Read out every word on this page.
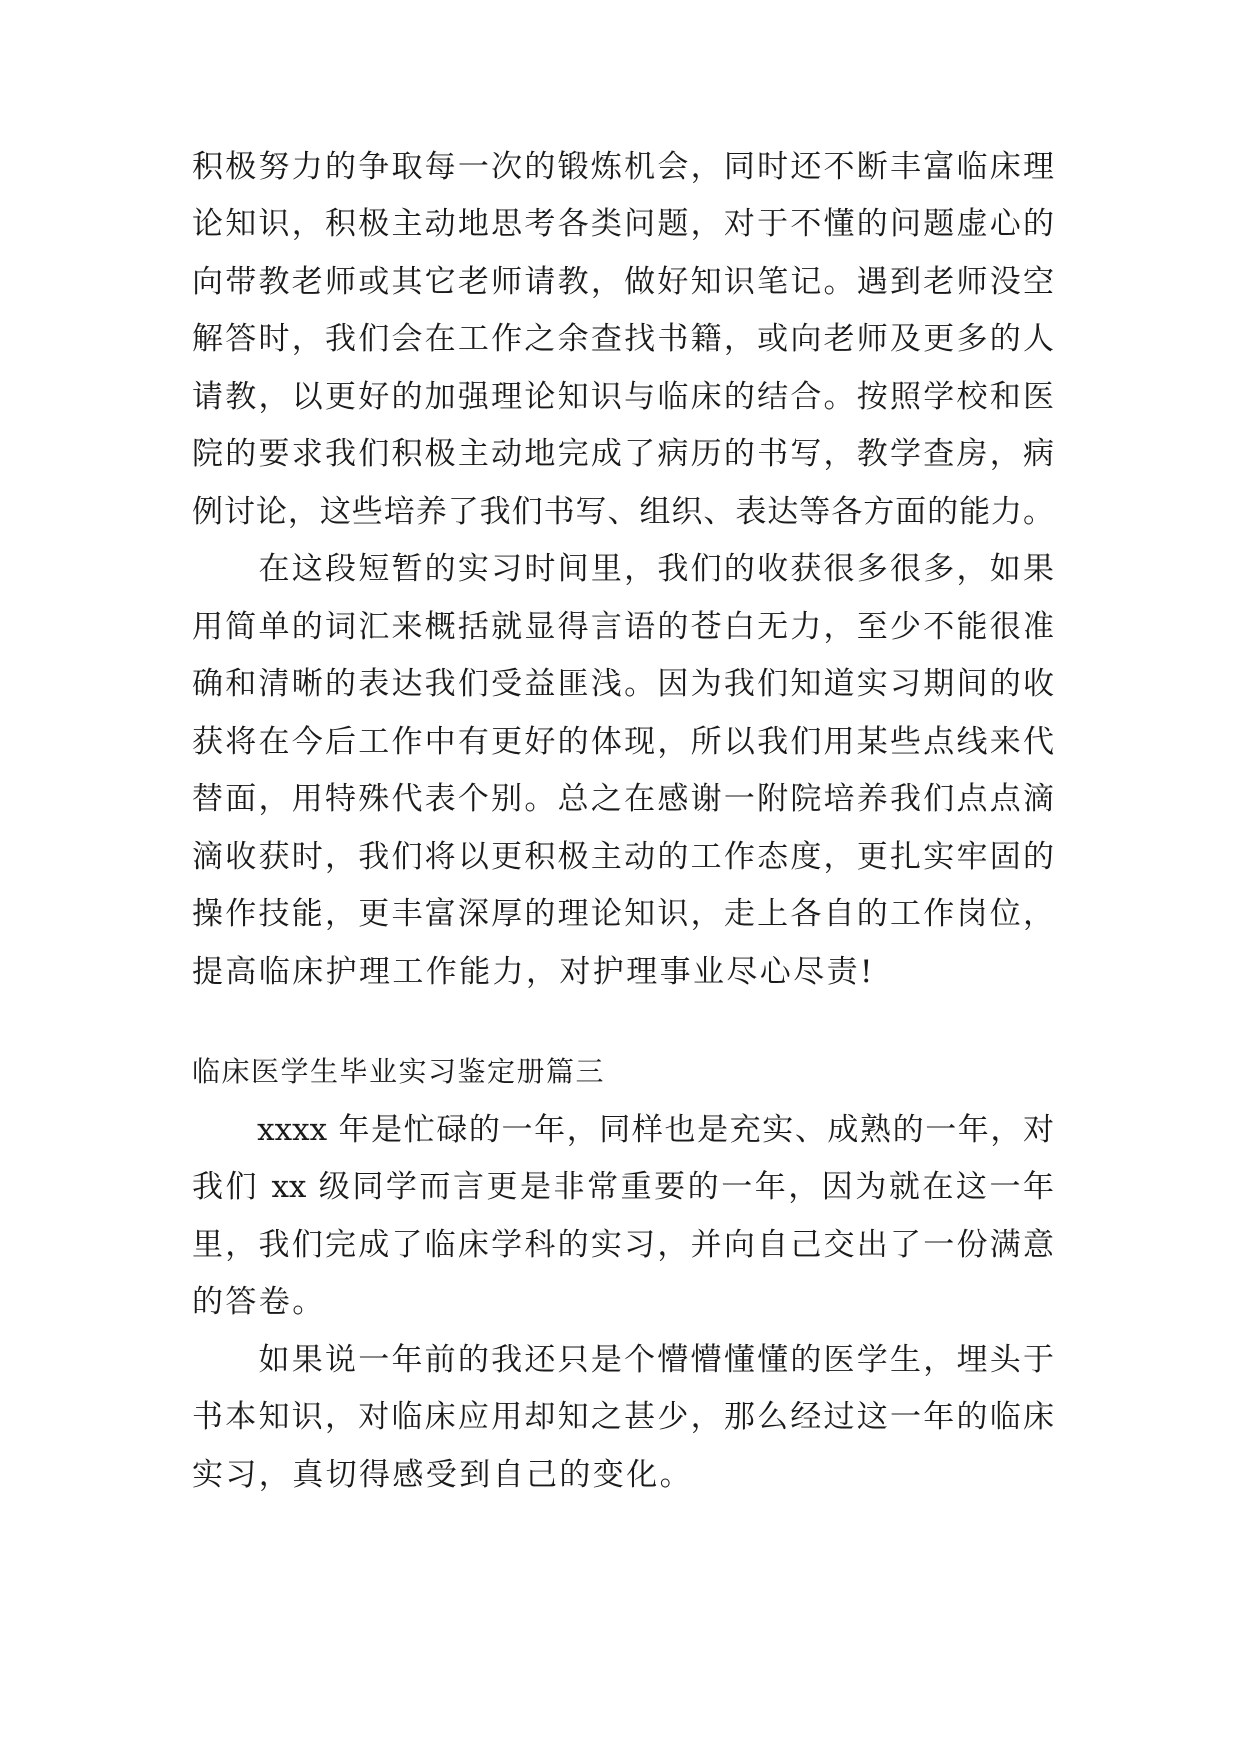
积极努力的争取每一次的锻炼机会，同时还不断丰富临床理
论知识，积极主动地思考各类问题，对于不懂的问题虚心的
向带教老师或其它老师请教，做好知识笔记。遇到老师没空
解答时，我们会在工作之余查找书籍，或向老师及更多的人
请教，以更好的加强理论知识与临床的结合。按照学校和医
院的要求我们积极主动地完成了病历的书写，教学查房，病
例讨论，这些培养了我们书写、组织、表达等各方面的能力。
　　在这段短暂的实习时间里，我们的收获很多很多，如果
用简单的词汇来概括就显得言语的苍白无力，至少不能很准
确和清晰的表达我们受益匪浅。因为我们知道实习期间的收
获将在今后工作中有更好的体现，所以我们用某些点线来代
替面，用特殊代表个别。总之在感谢一附院培养我们点点滴
滴收获时，我们将以更积极主动的工作态度，更扎实牢固的
操作技能，更丰富深厚的理论知识，走上各自的工作岗位，
提高临床护理工作能力，对护理事业尽心尽责!
临床医学生毕业实习鉴定册篇三
　　xxxx 年是忙碌的一年，同样也是充实、成熟的一年，对
我们 xx 级同学而言更是非常重要的一年，因为就在这一年
里，我们完成了临床学科的实习，并向自己交出了一份满意
的答卷。
　　如果说一年前的我还只是个懵懵懂懂的医学生，埋头于
书本知识，对临床应用却知之甚少，那么经过这一年的临床
实习，真切得感受到自己的变化。
